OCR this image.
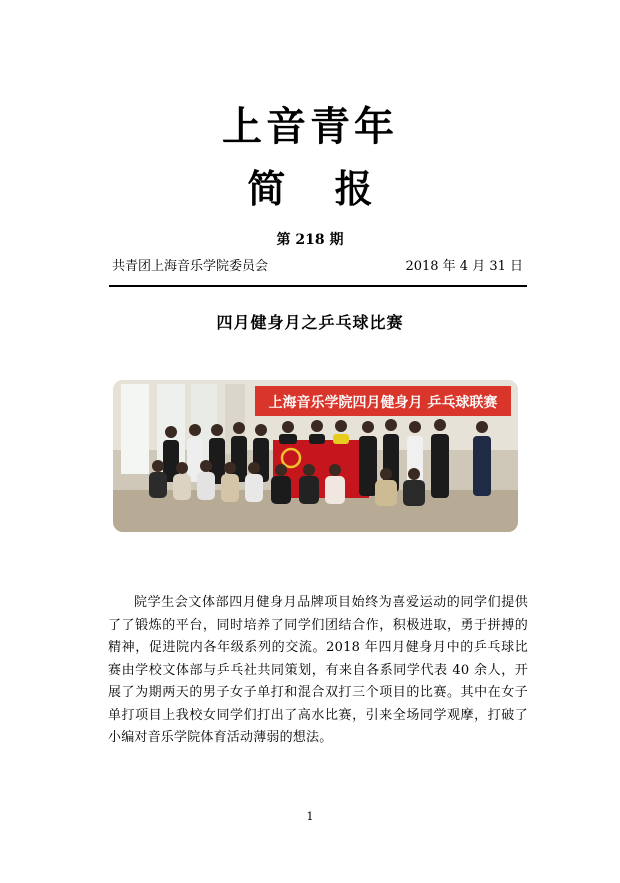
上音青年
简 报
第 218 期
共青团上海音乐学院委员会	2018 年 4 月 31 日
四月健身月之乒乓球比赛
上海音乐学院四月健身月 乒乓球联赛
院学生会文体部四月健身月品牌项目始终为喜爱运动的同学们提供了了锻炼的平台，同时培养了同学们团结合作，积极进取，勇于拼搏的精神，促进院内各年级系列的交流。2018 年四月健身月中的乒乓球比赛由学校文体部与乒乓社共同策划，有来自各系同学代表 40 余人，开展了为期两天的男子女子单打和混合双打三个项目的比赛。其中在女子单打项目上我校女同学们打出了高水比赛，引来全场同学观摩，打破了小编对音乐学院体育活动薄弱的想法。
1
